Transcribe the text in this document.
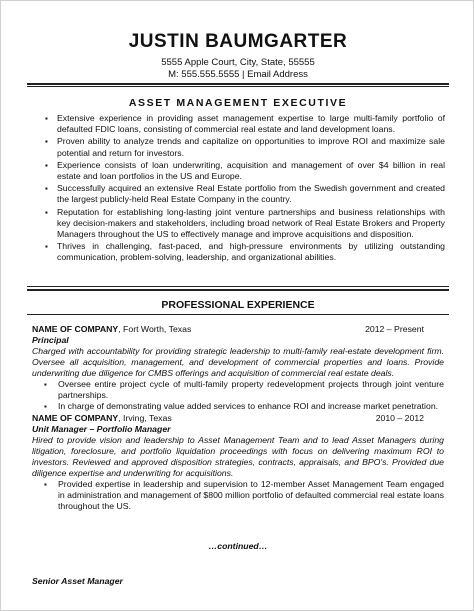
JUSTIN BAUMGARTER
5555 Apple Court, City, State, 55555
M: 555.555.5555 | Email Address
ASSET MANAGEMENT EXECUTIVE
▪ Extensive experience in providing asset management expertise to large multi-family portfolio of defaulted FDIC loans, consisting of commercial real estate and land development loans.
▪ Proven ability to analyze trends and capitalize on opportunities to improve ROI and maximize sale potential and return for investors.
▪ Experience consists of loan underwriting, acquisition and management of over $4 billion in real estate and loan portfolios in the US and Europe.
▪ Successfully acquired an extensive Real Estate portfolio from the Swedish government and created the largest publicly-held Real Estate Company in the country.
▪ Reputation for establishing long-lasting joint venture partnerships and business relationships with key decision-makers and stakeholders, including broad network of Real Estate Brokers and Property Managers throughout the US to effectively manage and improve acquisitions and disposition.
▪ Thrives in challenging, fast-paced, and high-pressure environments by utilizing outstanding communication, problem-solving, leadership, and organizational abilities.
PROFESSIONAL EXPERIENCE
NAME OF COMPANY, Fort Worth, Texas	2012 – Present
Principal
Charged with accountability for providing strategic leadership to multi-family real-estate development firm. Oversee all acquisition, management, and development of commercial properties and loans. Provide underwriting due diligence for CMBS offerings and acquisition of commercial real estate deals.
▪ Oversee entire project cycle of multi-family property redevelopment projects through joint venture partnerships.
▪ In charge of demonstrating value added services to enhance ROI and increase market penetration.
NAME OF COMPANY, Irving, Texas	2010 – 2012
Unit Manager – Portfolio Manager
Hired to provide vision and leadership to Asset Management Team and to lead Asset Managers during litigation, foreclosure, and portfolio liquidation proceedings with focus on delivering maximum ROI to investors. Reviewed and approved disposition strategies, contracts, appraisals, and BPO's. Provided due diligence expertise and underwriting for acquisitions.
▪ Provided expertise in leadership and supervision to 12-member Asset Management Team engaged in administration and management of $800 million portfolio of defaulted commercial real estate loans throughout the US.
…continued…
Senior Asset Manager
